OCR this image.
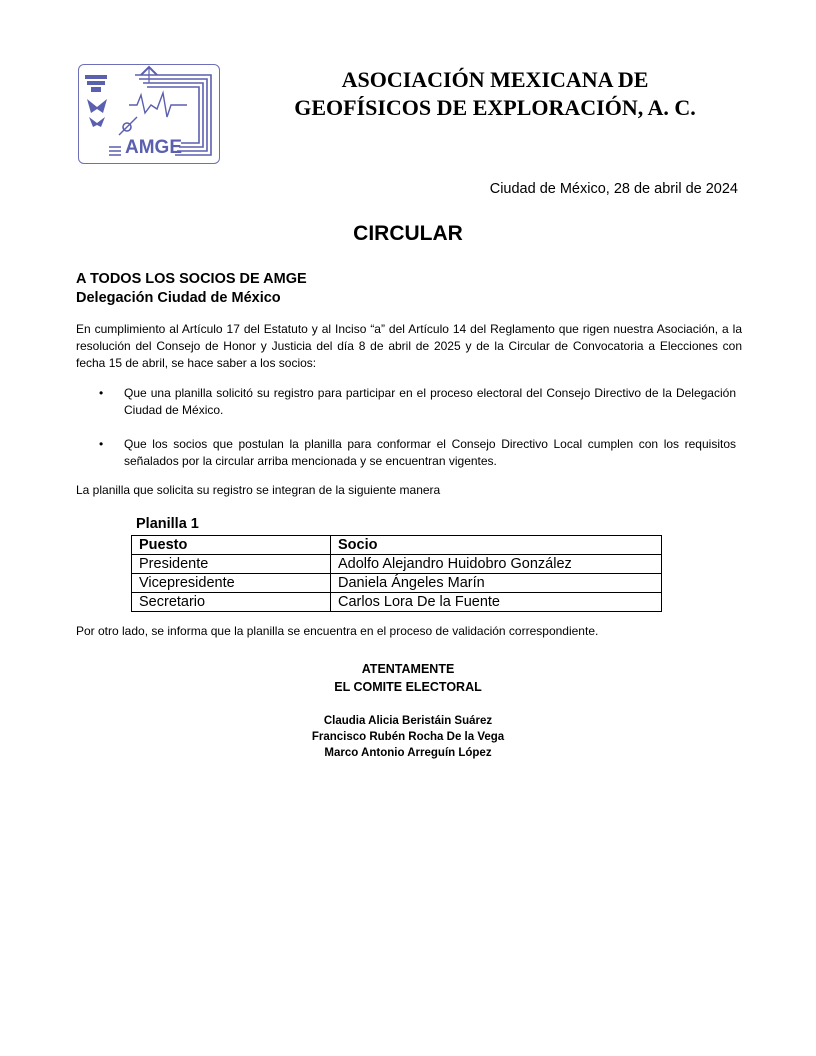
AMGE
ASOCIACIÓN MEXICANA DE
GEOFÍSICOS DE EXPLORACIÓN, A. C.
Ciudad de México, 28 de abril de 2024
CIRCULAR
A TODOS LOS SOCIOS DE AMGE
Delegación Ciudad de México
En cumplimiento al Artículo 17 del Estatuto y al Inciso “a” del Artículo 14 del Reglamento que rigen nuestra Asociación, a la resolución del Consejo de Honor y Justicia del día 8 de abril de 2025 y de la Circular de Convocatoria a Elecciones con fecha 15 de abril, se hace saber a los socios:
• Que una planilla solicitó su registro para participar en el proceso electoral del Consejo Directivo de la Delegación Ciudad de México.
• Que los socios que postulan la planilla para conformar el Consejo Directivo Local cumplen con los requisitos señalados por la circular arriba mencionada y se encuentran vigentes.
La planilla que solicita su registro se integran de la siguiente manera
Planilla 1
Puesto	Socio
Presidente	Adolfo Alejandro Huidobro González
Vicepresidente	Daniela Ángeles Marín
Secretario	Carlos Lora De la Fuente
Por otro lado, se informa que la planilla se encuentra en el proceso de validación correspondiente.
ATENTAMENTE
EL COMITE ELECTORAL
Claudia Alicia Beristáin Suárez
Francisco Rubén Rocha De la Vega
Marco Antonio Arreguín López
